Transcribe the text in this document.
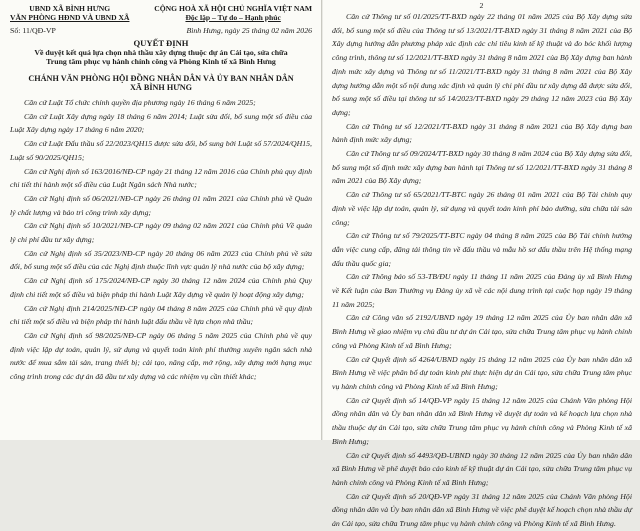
UBND XÃ BÌNH HƯNG
VĂN PHÒNG HĐND VÀ UBND XÃ
CỘNG HOÀ XÃ HỘI CHỦ NGHĨA VIỆT NAM
Độc lập – Tự do – Hạnh phúc
Số: 11/QĐ-VP	Bình Hưng, ngày 25 tháng 02 năm 2026
QUYẾT ĐỊNH
Về duyệt kết quả lựa chọn nhà thầu xây dựng thuộc dự án Cải tạo, sửa chữa
Trung tâm phục vụ hành chính công và Phòng Kinh tế xã Bình Hưng
CHÁNH VĂN PHÒNG HỘI ĐỒNG NHÂN DÂN VÀ ỦY BAN NHÂN DÂN
XÃ BÌNH HƯNG

Căn cứ Luật Tổ chức chính quyền địa phương ngày 16 tháng 6 năm 2025;

Căn cứ Luật Xây dựng ngày 18 tháng 6 năm 2014; Luật sửa đổi, bổ sung một số điều của Luật Xây dựng ngày 17 tháng 6 năm 2020;

Căn cứ Luật Đấu thầu số 22/2023/QH15 được sửa đổi, bổ sung bởi Luật số 57/2024/QH15, Luật số 90/2025/QH15;

Căn cứ Nghị định số 163/2016/NĐ-CP ngày 21 tháng 12 năm 2016 của Chính phủ quy định chi tiết thi hành một số điều của Luật Ngân sách Nhà nước;

Căn cứ Nghị định số 06/2021/NĐ-CP ngày 26 tháng 01 năm 2021 của Chính phủ về Quản lý chất lượng và bảo trì công trình xây dựng;

Căn cứ Nghị định số 10/2021/NĐ-CP ngày 09 tháng 02 năm 2021 của Chính phủ Về quản lý chi phí đầu tư xây dựng;

Căn cứ Nghị định số 35/2023/NĐ-CP ngày 20 tháng 06 năm 2023 của Chính phủ về sửa đổi, bổ sung một số điều của các Nghị định thuộc lĩnh vực quản lý nhà nước của bộ xây dựng;

Căn cứ Nghị định số 175/2024/NĐ-CP ngày 30 tháng 12 năm 2024 của Chính phủ Quy định chi tiết một số điều và biện pháp thi hành Luật Xây dựng về quản lý hoạt động xây dựng;

Căn cứ Nghị định 214/2025/NĐ-CP ngày 04 tháng 8 năm 2025 của Chính phủ về quy định chi tiết một số điều và biện pháp thi hành luật đấu thầu về lựa chọn nhà thầu;

Căn cứ Nghị định số 98/2025/NĐ-CP ngày 06 tháng 5 năm 2025 của Chính phủ về quy định việc lập dự toán, quản lý, sử dụng và quyết toán kinh phí thường xuyên ngân sách nhà nước để mua sắm tài sản, trang thiết bị; cải tạo, nâng cấp, mở rộng, xây dựng mới hạng mục công trình trong các dự án đã đầu tư xây dựng và các nhiệm vụ cần thiết khác;

2

Căn cứ Thông tư số 01/2025/TT-BXD ngày 22 tháng 01 năm 2025 của Bộ Xây dựng sửa đổi, bổ sung một số điều của Thông tư số 13/2021/TT-BXD ngày 31 tháng 8 năm 2021 của Bộ Xây dựng hướng dẫn phương pháp xác định các chỉ tiêu kinh tế kỹ thuật và đo bóc khối lượng công trình, thông tư số 12/2021/TT-BXD ngày 31 tháng 8 năm 2021 của Bộ Xây dựng ban hành định mức xây dựng và Thông tư số 11/2021/TT-BXD ngày 31 tháng 8 năm 2021 của Bộ Xây dựng hướng dẫn một số nội dung xác định và quản lý chi phí đầu tư xây dựng đã được sửa đổi, bổ sung một số điều tại thông tư số 14/2023/TT-BXD ngày 29 tháng 12 năm 2023 của Bộ Xây dựng;

Căn cứ Thông tư số 12/2021/TT-BXD ngày 31 tháng 8 năm 2021 của Bộ Xây dựng ban hành định mức xây dựng;

Căn cứ Thông tư số 09/2024/TT-BXD ngày 30 tháng 8 năm 2024 của Bộ Xây dựng sửa đổi, bổ sung một số định mức xây dựng ban hành tại Thông tư số 12/2021/TT-BXD ngày 31 tháng 8 năm 2021 của Bộ Xây dựng;

Căn cứ Thông tư số 65/2021/TT-BTC ngày 26 tháng 01 năm 2021 của Bộ Tài chính quy định về việc lập dự toán, quản lý, sử dụng và quyết toán kinh phí bảo dưỡng, sửa chữa tài sản công;

Căn cứ Thông tư số 79/2025/TT-BTC ngày 04 tháng 8 năm 2025 của Bộ Tài chính hướng dẫn việc cung cấp, đăng tải thông tin về đấu thầu và mẫu hồ sơ đấu thầu trên Hệ thống mạng đấu thầu quốc gia;

Căn cứ Thông báo số 53-TB/ĐU ngày 11 tháng 11 năm 2025 của Đảng ủy xã Bình Hưng về Kết luận của Ban Thường vụ Đảng ủy xã về các nội dung trình tại cuộc họp ngày 19 tháng 11 năm 2025;

Căn cứ Công văn số 2192/UBND ngày 19 tháng 12 năm 2025 của Ủy ban nhân dân xã Bình Hưng về giao nhiệm vụ chủ đầu tư dự án Cải tạo, sửa chữa Trung tâm phục vụ hành chính công và Phòng Kinh tế xã Bình Hưng;

Căn cứ Quyết định số 4264/UBND ngày 15 tháng 12 năm 2025 của Ủy ban nhân dân xã Bình Hưng về việc phân bổ dự toán kinh phí thực hiện dự án Cải tạo, sửa chữa Trung tâm phục vụ hành chính công và Phòng Kinh tế xã Bình Hưng;

Căn cứ Quyết định số 14/QĐ-VP ngày 15 tháng 12 năm 2025 của Chánh Văn phòng Hội đồng nhân dân và Ủy ban nhân dân xã Bình Hưng về duyệt dự toán và kế hoạch lựa chọn nhà thầu thuộc dự án Cải tạo, sửa chữa Trung tâm phục vụ hành chính công và Phòng Kinh tế xã Bình Hưng;

Căn cứ Quyết định số 4493/QĐ-UBND ngày 30 tháng 12 năm 2025 của Ủy ban nhân dân xã Bình Hưng về phê duyệt báo cáo kinh tế kỹ thuật dự án Cải tạo, sửa chữa Trung tâm phục vụ hành chính công và Phòng Kinh tế xã Bình Hưng;

Căn cứ Quyết định số 20/QĐ-VP ngày 31 tháng 12 năm 2025 của Chánh Văn phòng Hội đồng nhân dân và Ủy ban nhân dân xã Bình Hưng về việc phê duyệt kế hoạch chọn nhà thầu dự án Cải tạo, sửa chữa Trung tâm phục vụ hành chính công và Phòng Kinh tế xã Bình Hưng.
